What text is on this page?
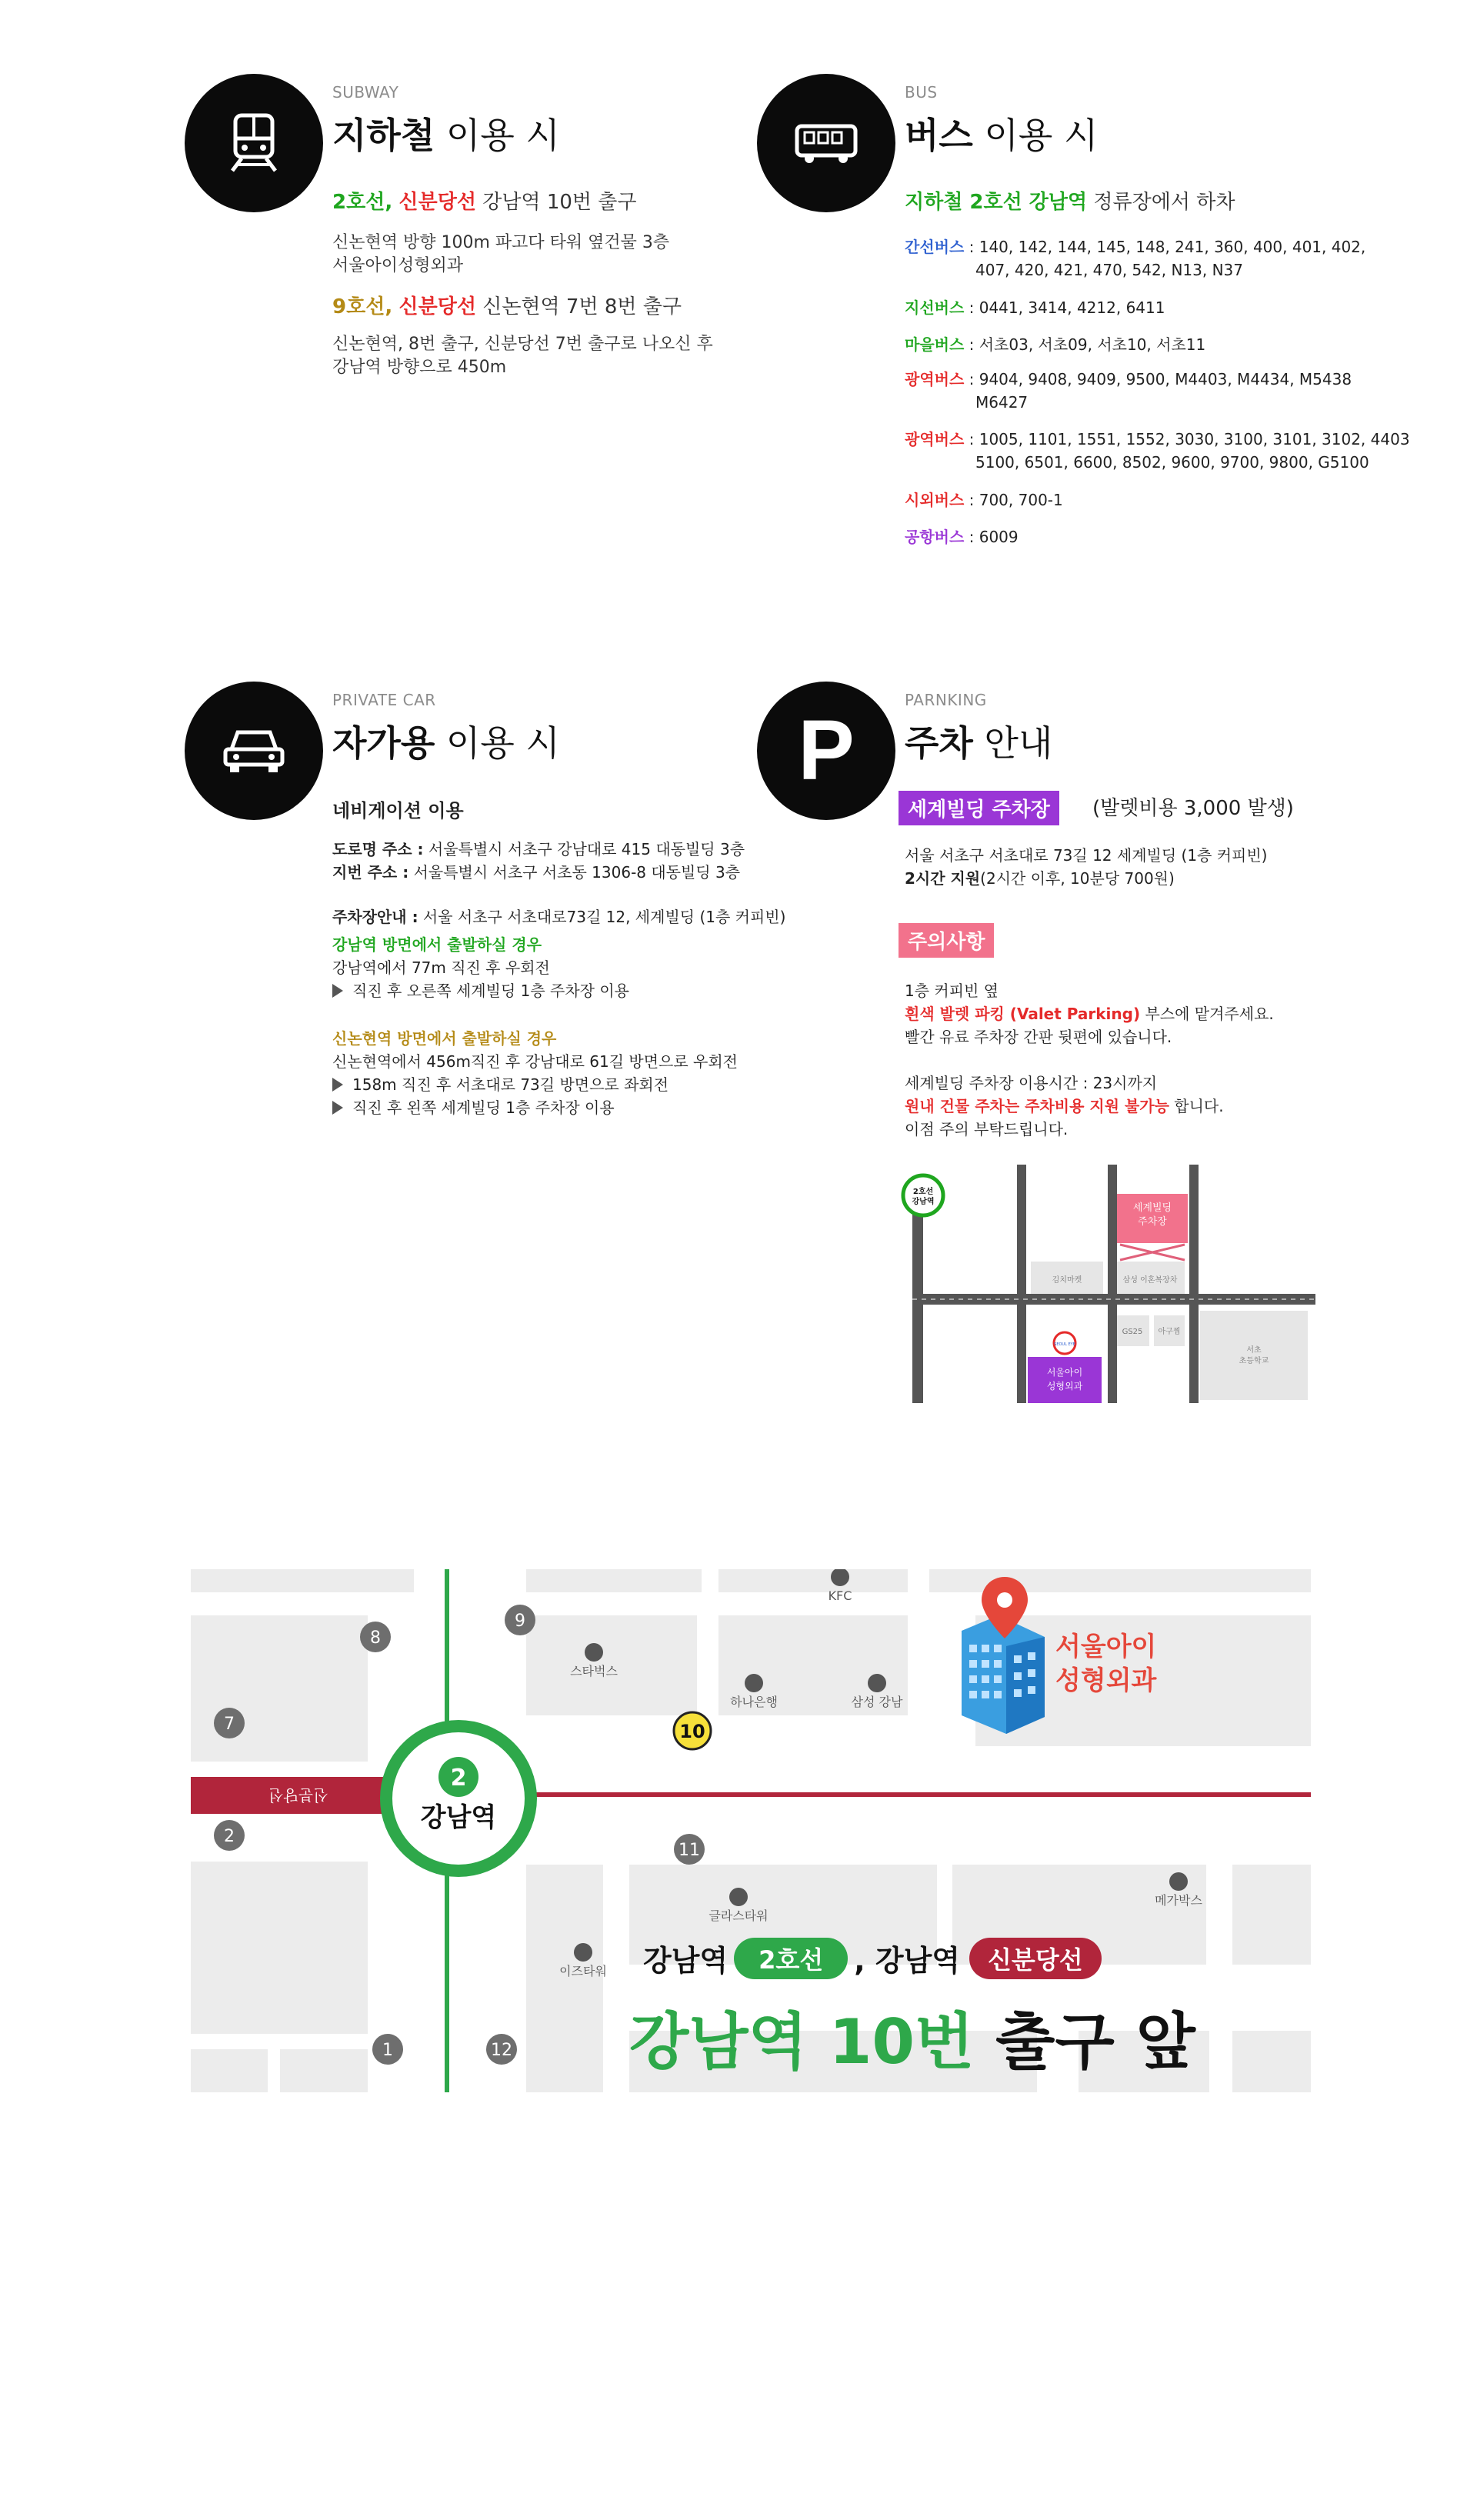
SUBWAY
지하철 이용 시
2호선, 신분당선 강남역 10번 출구
신논현역 방향 100m 파고다 타워 옆건물 3층
서울아이성형외과
9호선, 신분당선 신논현역 7번 8번 출구
신논현역, 8번 출구, 신분당선 7번 출구로 나오신 후
강남역 방향으로 450m
BUS
버스 이용 시
지하철 2호선 강남역 정류장에서 하차
간선버스 : 140, 142, 144, 145, 148, 241, 360, 400, 401, 402,
407, 420, 421, 470, 542, N13, N37
지선버스 : 0441, 3414, 4212, 6411
마을버스 : 서초03, 서초09, 서초10, 서초11
광역버스 : 9404, 9408, 9409, 9500, M4403, M4434, M5438
M6427
광역버스 : 1005, 1101, 1551, 1552, 3030, 3100, 3101, 3102, 4403
5100, 6501, 6600, 8502, 9600, 9700, 9800, G5100
시외버스 : 700, 700-1
공항버스 : 6009
PRIVATE CAR
자가용 이용 시
네비게이션 이용
도로명 주소 : 서울특별시 서초구 강남대로 415 대동빌딩 3층
지번 주소 : 서울특별시 서초구 서초동 1306-8 대동빌딩 3층
주차장안내 : 서울 서초구 서초대로73길 12, 세계빌딩 (1층 커피빈)
강남역 방면에서 출발하실 경우
강남역에서 77m 직진 후 우회전
직진 후 오른쪽 세계빌딩 1층 주차장 이용
신논현역 방면에서 출발하실 경우
신논현역에서 456m직진 후 강남대로 61길 방면으로 우회전
158m 직진 후 서초대로 73길 방면으로 좌회전
직진 후 왼쪽 세계빌딩 1층 주차장 이용
P
PARNKING
주차 안내
세계빌딩 주차장	(발렛비용 3,000 발생)
서울 서초구 서초대로 73길 12 세계빌딩 (1층 커피빈)
2시간 지원(2시간 이후, 10분당 700원)
주의사항
1층 커피빈 옆
흰색 발렛 파킹 (Valet Parking) 부스에 맡겨주세요.
빨간 유료 주차장 간판 뒷편에 있습니다.
세계빌딩 주차장 이용시간 : 23시까지
원내 건물 주차는 주차비용 지원 불가능 합니다.
이점 주의 부탁드립니다.
김치마켓	삼성 이혼복장차
GS25 아구찜
서초
초등학교
세계빌딩
주차장
서울아이
성형외과
SEOUL EYE
2호선
강남역
신분당선
2
강남역
8
7
2
9
10
11
1	12
KFC
스타벅스
하나은행	삼성 강남
글라스타워
메가박스
이즈타워
서울아이
성형외과
강남역	2호선	, 강남역	신분당선
강남역 10번 출구 앞
